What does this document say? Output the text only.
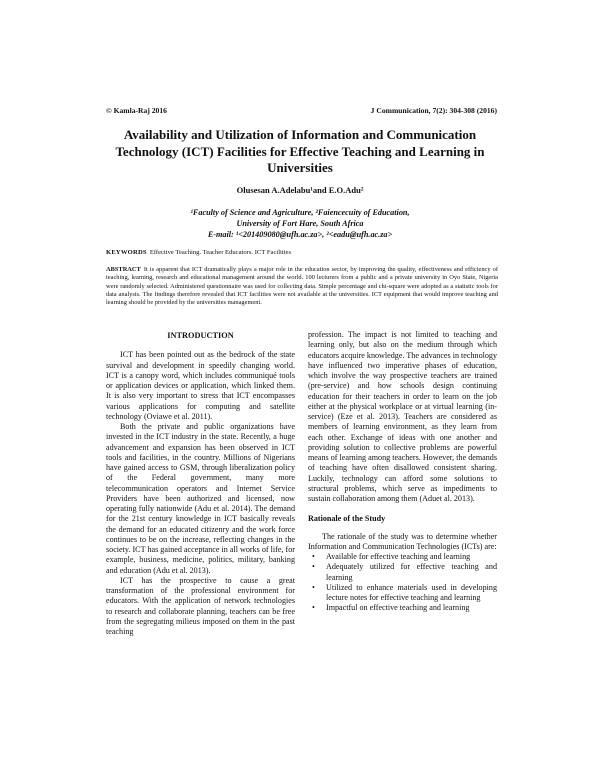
© Kamla-Raj 2016	J Communication, 7(2): 304-308 (2016)
Availability and Utilization of Information and Communication Technology (ICT) Facilities for Effective Teaching and Learning in Universities
Olusesan A.Adelabu¹and E.O.Adu²
¹Faculty of Science and Agriculture, ²Faiencecuity of Education,
University of Fort Hare, South Africa
E-mail: ¹<201409080@ufh.ac.za>, ²<eadu@ufh.ac.za>
KEYWORDS Effective Teaching. Teacher Educators. ICT Facilities
ABSTRACT It is apparent that ICT dramatically plays a major role in the education sector, by improving the quality, effectiveness and efficiency of teaching, learning, research and educational management around the world. 100 lecturers from a public and a private university in Oyo State, Nigeria were randomly selected. Administered questionnaire was used for collecting data. Simple percentage and chi-square were adopted as a statistic tools for data analysis. The findings therefore revealed that ICT facilities were not available at the universities. ICT equipment that would improve teaching and learning should be provided by the universities management.
INTRODUCTION

ICT has been pointed out as the bedrock of the state survival and development in speedily changing world. ICT is a canopy word, which includes communiqué tools or application devices or application, which linked them. It is also very important to stress that ICT encompasses various applications for computing and satellite technology (Oviawe et al. 2011).

Both the private and public organizations have invested in the ICT industry in the state. Recently, a huge advancement and expansion has been observed in ICT tools and facilities, in the country. Millions of Nigerians have gained access to GSM, through liberalization policy of the Federal government, many more telecommunication operators and Internet Service Providers have been authorized and licensed, now operating fully nationwide (Adu et al. 2014). The demand for the 21st century knowledge in ICT basically reveals the demand for an educated citizenry and the work force continues to be on the increase, reflecting changes in the society. ICT has gained acceptance in all works of life, for example, business, medicine, politics, military, banking and education (Adu et al. 2013).

ICT has the prospective to cause a great transformation of the professional environment for educators. With the application of network technologies to research and collaborate planning, teachers can be free from the segregating milieus imposed on them in the past teaching

profession. The impact is not limited to teaching and learning only, but also on the medium through which educators acquire knowledge. The advances in technology have influenced two imperative phases of education, which involve the way prospective teachers are trained (pre-service) and how schools design continuing education for their teachers in order to learn on the job either at the physical workplace or at virtual learning (in-service) (Eze et al. 2013). Teachers are considered as members of learning environment, as they learn from each other. Exchange of ideas with one another and providing solution to collective problems are powerful means of learning among teachers. However, the demands of teaching have often disallowed consistent sharing. Luckily, technology can afford some solutions to structural problems, which serve as impediments to sustain collaboration among them (Aduet al. 2013).

Rationale of the Study

The rationale of the study was to determine whether Information and Communication Technologies (ICTs) are:

• Available for effective teaching and learning
• Adequately utilized for effective teaching and learning
• Utilized to enhance materials used in developing lecture notes for effective teaching and learning
• Impactful on effective teaching and learning
